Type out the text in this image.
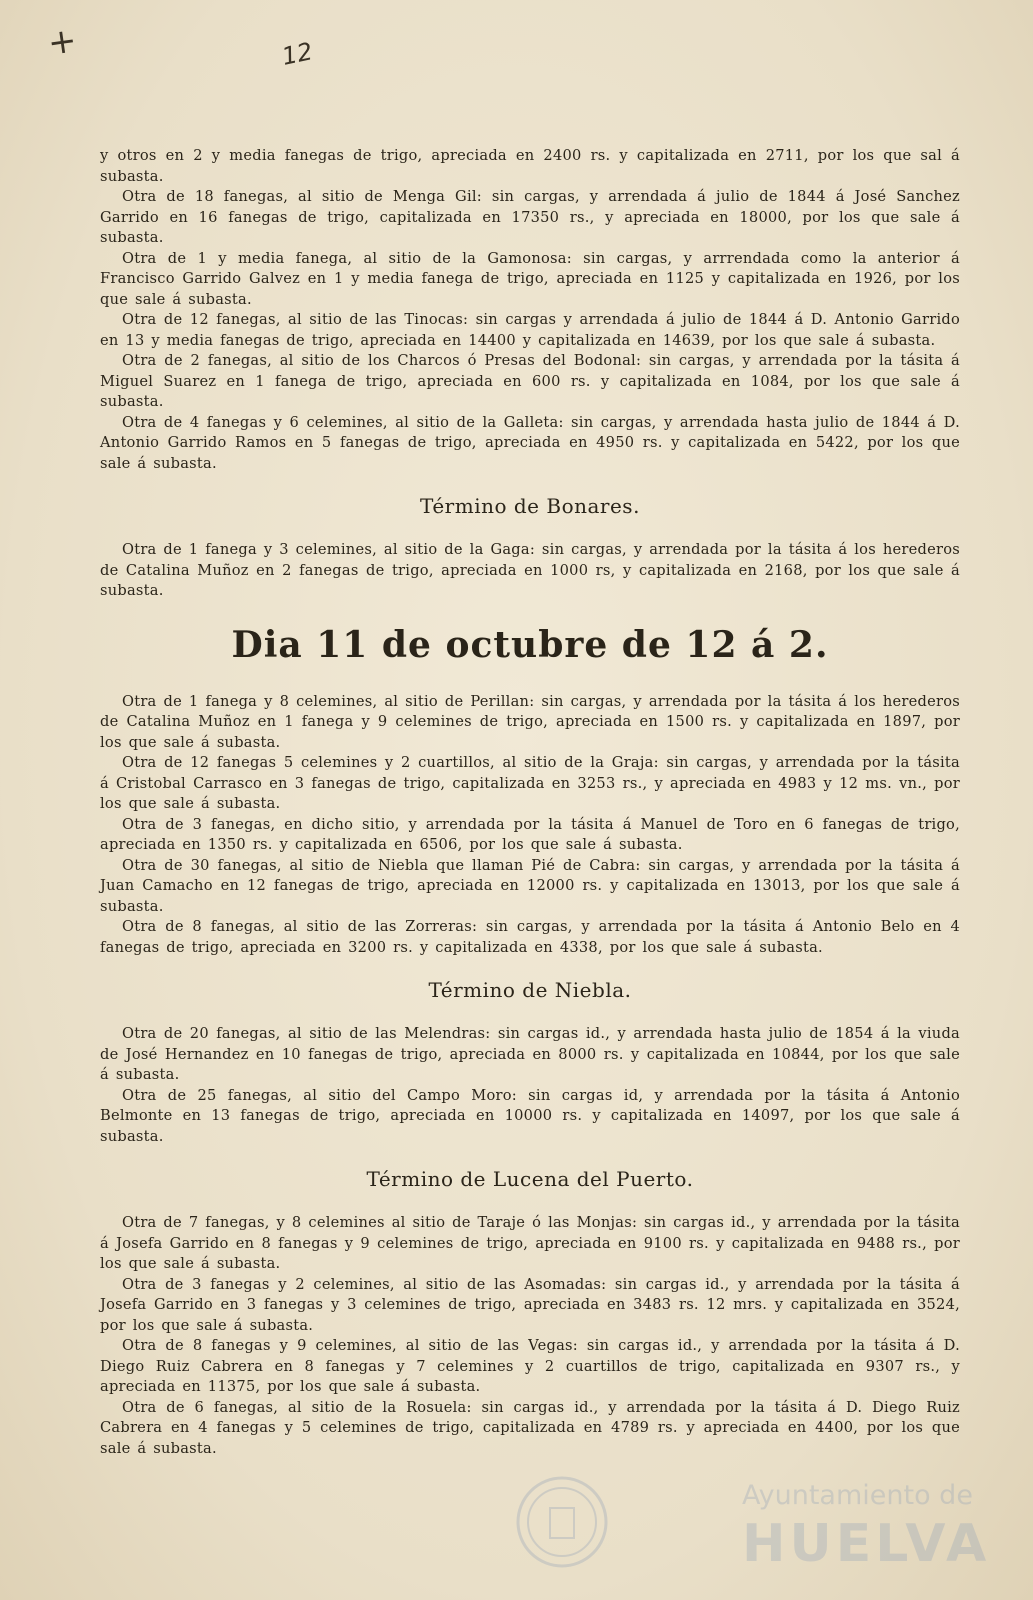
+	12

y otros en 2 y media fanegas de trigo, apreciada en 2400 rs. y capitalizada en 2711, por los que sal á subasta.

Otra de 18 fanegas, al sitio de Menga Gil: sin cargas, y arrendada á julio de 1844 á José Sanchez Garrido en 16 fanegas de trigo, capitalizada en 17350 rs., y apreciada en 18000, por los que sale á subasta.

Otra de 1 y media fanega, al sitio de la Gamonosa: sin cargas, y arrrendada como la anterior á Francisco Garrido Galvez en 1 y media fanega de trigo, apreciada en 1125 y capitalizada en 1926, por los que sale á subasta.

Otra de 12 fanegas, al sitio de las Tinocas: sin cargas y arrendada á julio de 1844 á D. Antonio Garrido en 13 y media fanegas de trigo, apreciada en 14400 y capitalizada en 14639, por los que sale á subasta.

Otra de 2 fanegas, al sitio de los Charcos ó Presas del Bodonal: sin cargas, y arrendada por la tásita á Miguel Suarez en 1 fanega de trigo, apreciada en 600 rs. y capitalizada en 1084, por los que sale á subasta.

Otra de 4 fanegas y 6 celemines, al sitio de la Galleta: sin cargas, y arrendada hasta julio de 1844 á D. Antonio Garrido Ramos en 5 fanegas de trigo, apreciada en 4950 rs. y capitalizada en 5422, por los que sale á subasta.

Término de Bonares.

Otra de 1 fanega y 3 celemines, al sitio de la Gaga: sin cargas, y arrendada por la tásita á los herederos de Catalina Muñoz en 2 fanegas de trigo, apreciada en 1000 rs, y capitalizada en 2168, por los que sale á subasta.

Dia 11 de octubre de 12 á 2.

Otra de 1 fanega y 8 celemines, al sitio de Perillan: sin cargas, y arrendada por la tásita á los herederos de Catalina Muñoz en 1 fanega y 9 celemines de trigo, apreciada en 1500 rs. y capitalizada en 1897, por los que sale á subasta.

Otra de 12 fanegas 5 celemines y 2 cuartillos, al sitio de la Graja: sin cargas, y arrendada por la tásita á Cristobal Carrasco en 3 fanegas de trigo, capitalizada en 3253 rs., y apreciada en 4983 y 12 ms. vn., por los que sale á subasta.

Otra de 3 fanegas, en dicho sitio, y arrendada por la tásita á Manuel de Toro en 6 fanegas de trigo, apreciada en 1350 rs. y capitalizada en 6506, por los que sale á subasta.

Otra de 30 fanegas, al sitio de Niebla que llaman Pié de Cabra: sin cargas, y arrendada por la tásita á Juan Camacho en 12 fanegas de trigo, apreciada en 12000 rs. y capitalizada en 13013, por los que sale á subasta.

Otra de 8 fanegas, al sitio de las Zorreras: sin cargas, y arrendada por la tásita á Antonio Belo en 4 fanegas de trigo, apreciada en 3200 rs. y capitalizada en 4338, por los que sale á subasta.

Término de Niebla.

Otra de 20 fanegas, al sitio de las Melendras: sin cargas id., y arrendada hasta julio de 1854 á la viuda de José Hernandez en 10 fanegas de trigo, apreciada en 8000 rs. y capitalizada en 10844, por los que sale á subasta.

Otra de 25 fanegas, al sitio del Campo Moro: sin cargas id, y arrendada por la tásita á Antonio Belmonte en 13 fanegas de trigo, apreciada en 10000 rs. y capitalizada en 14097, por los que sale á subasta.

Término de Lucena del Puerto.

Otra de 7 fanegas, y 8 celemines al sitio de Taraje ó las Monjas: sin cargas id., y arrendada por la tásita á Josefa Garrido en 8 fanegas y 9 celemines de trigo, apreciada en 9100 rs. y capitalizada en 9488 rs., por los que sale á subasta.

Otra de 3 fanegas y 2 celemines, al sitio de las Asomadas: sin cargas id., y arrendada por la tásita á Josefa Garrido en 3 fanegas y 3 celemines de trigo, apreciada en 3483 rs. 12 mrs. y capitalizada en 3524, por los que sale á subasta.

Otra de 8 fanegas y 9 celemines, al sitio de las Vegas: sin cargas id., y arrendada por la tásita á D. Diego Ruiz Cabrera en 8 fanegas y 7 celemines y 2 cuartillos de trigo, capitalizada en 9307 rs., y apreciada en 11375, por los que sale á subasta.

Otra de 6 fanegas, al sitio de la Rosuela: sin cargas id., y arrendada por la tásita á D. Diego Ruiz Cabrera en 4 fanegas y 5 celemines de trigo, capitalizada en 4789 rs. y apreciada en 4400, por los que sale á subasta.

Ayuntamiento de
HUELVA
